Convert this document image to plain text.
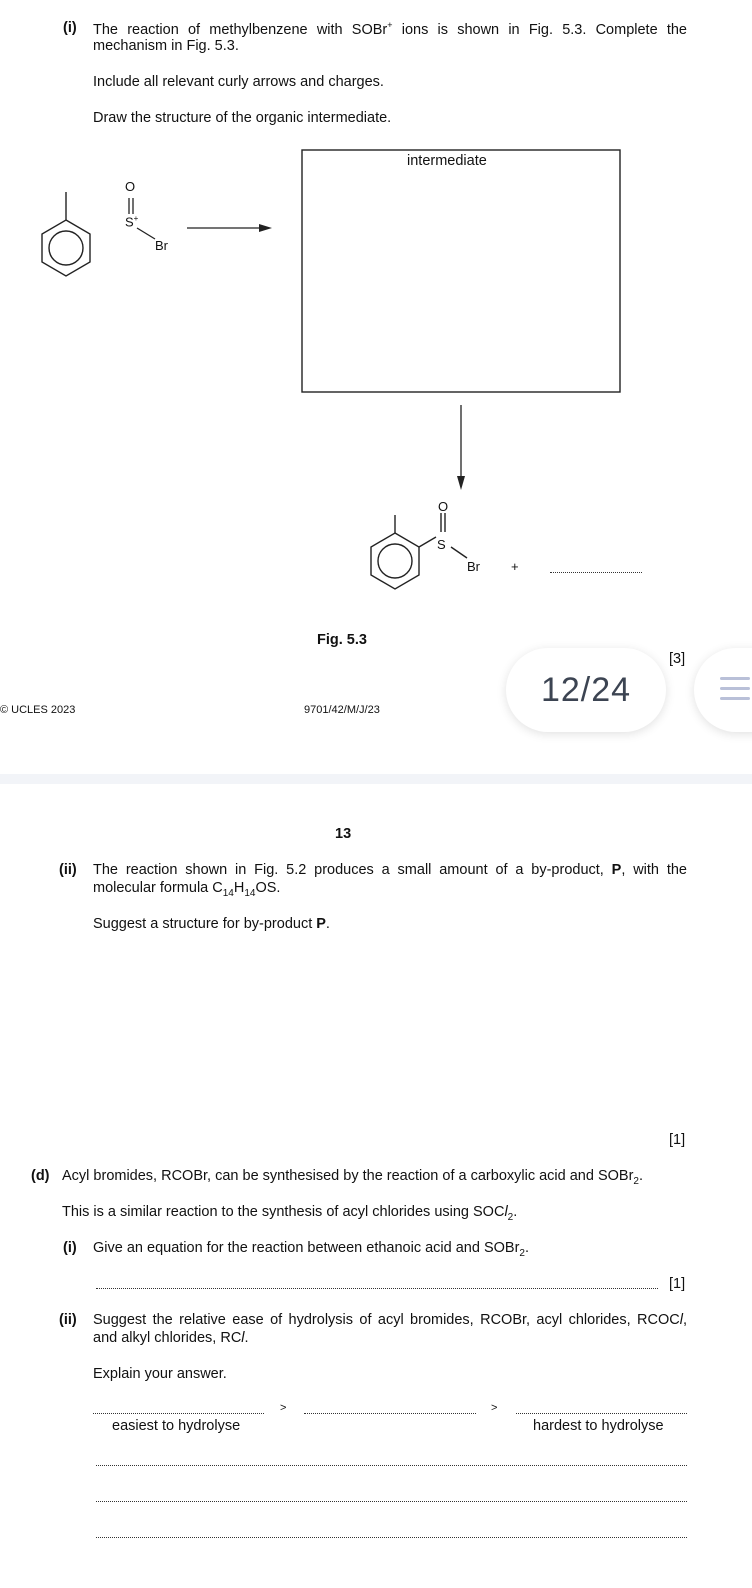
(i) The reaction of methylbenzene with SOBr+ ions is shown in Fig. 5.3. Complete the
mechanism in Fig. 5.3.
Include all relevant curly arrows and charges.
Draw the structure of the organic intermediate.
O
S+
Br
intermediate
O
S
Br +
Fig. 5.3
[3]
© UCLES 2023	9701/42/M/J/23
12/24
13
(ii) The reaction shown in Fig. 5.2 produces a small amount of a by-product, P, with the
molecular formula $C_{14}H_{14}OS$.
Suggest a structure for by-product P.
[1]
(d) Acyl bromides, RCOBr, can be synthesised by the reaction of a carboxylic acid and SOBr$_2$.
This is a similar reaction to the synthesis of acyl chlorides using SOCl$_2$.
(i) Give an equation for the reaction between ethanoic acid and SOBr$_2$.
[1]
(ii) Suggest the relative ease of hydrolysis of acyl bromides, RCOBr, acyl chlorides, RCOCl,
and alkyl chlorides, RCl.
Explain your answer.
>	>
easiest to hydrolyse	hardest to hydrolyse
